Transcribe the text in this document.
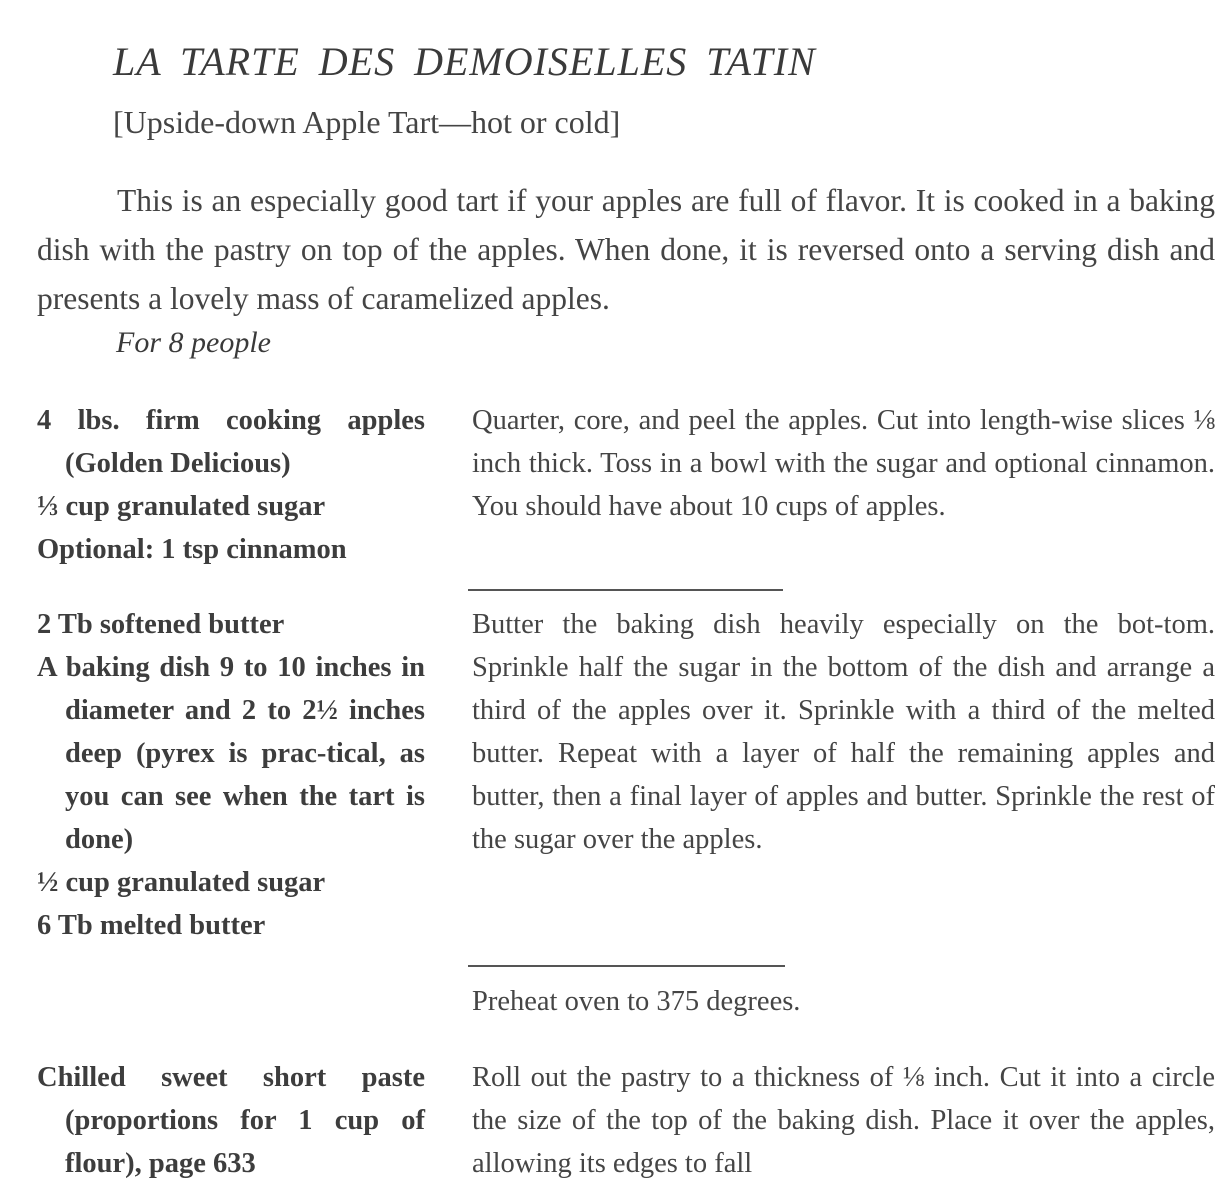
LA TARTE DES DEMOISELLES TATIN
[Upside-down Apple Tart—hot or cold]
This is an especially good tart if your apples are full of flavor. It is cooked in a baking dish with the pastry on top of the apples. When done, it is reversed onto a serving dish and presents a lovely mass of caramelized apples.
For 8 people
4 lbs. firm cooking apples (Golden Delicious)
⅓ cup granulated sugar
Optional: 1 tsp cinnamon
Quarter, core, and peel the apples. Cut into length-wise slices ⅛ inch thick. Toss in a bowl with the sugar and optional cinnamon. You should have about 10 cups of apples.
2 Tb softened butter
A baking dish 9 to 10 inches in diameter and 2 to 2½ inches deep (pyrex is prac-tical, as you can see when the tart is done)
½ cup granulated sugar
6 Tb melted butter
Butter the baking dish heavily especially on the bot-tom. Sprinkle half the sugar in the bottom of the dish and arrange a third of the apples over it. Sprinkle with a third of the melted butter. Repeat with a layer of half the remaining apples and butter, then a final layer of apples and butter. Sprinkle the rest of the sugar over the apples.
Preheat oven to 375 degrees.
Chilled sweet short paste (proportions for 1 cup of flour), page 633
Roll out the pastry to a thickness of ⅛ inch. Cut it into a circle the size of the top of the baking dish. Place it over the apples, allowing its edges to fall
